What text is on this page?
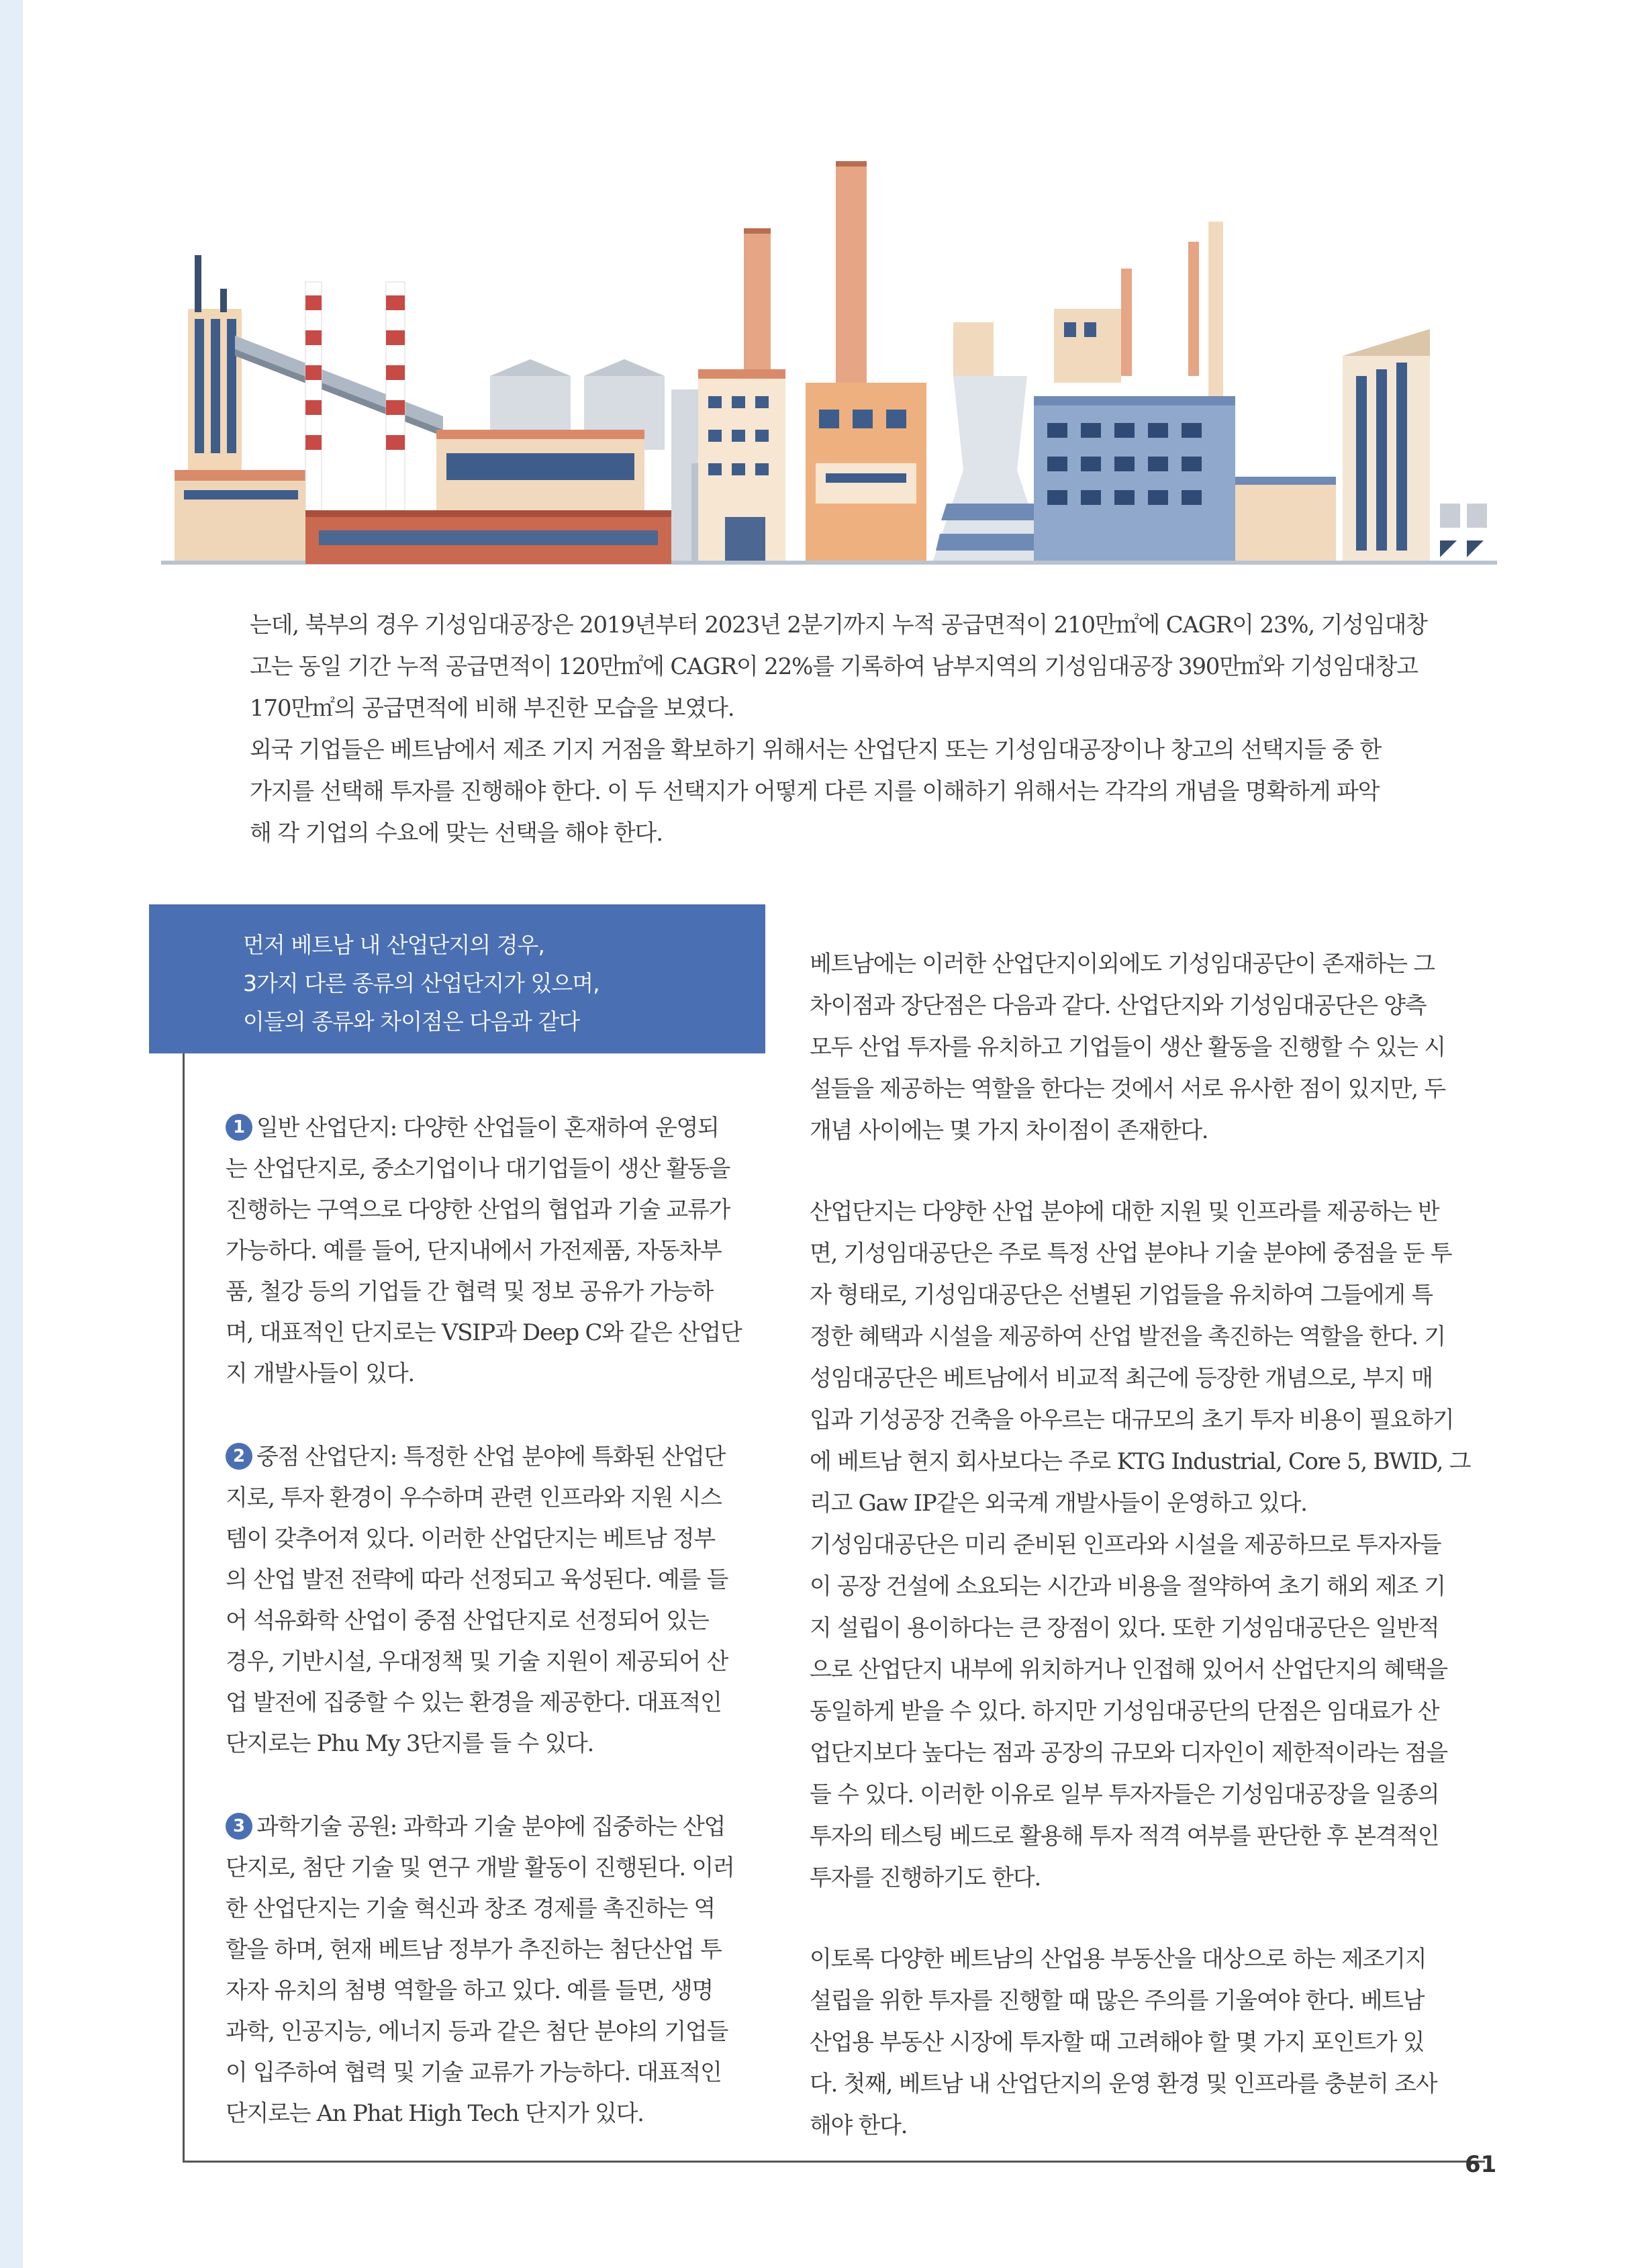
는데, 북부의 경우 기성임대공장은 2019년부터 2023년 2분기까지 누적 공급면적이 210만㎡에 CAGR이 23%, 기성임대창

고는 동일 기간 누적 공급면적이 120만㎡에 CAGR이 22%를 기록하여 남부지역의 기성임대공장 390만㎡와 기성임대창고

170만㎡의 공급면적에 비해 부진한 모습을 보였다.

외국 기업들은 베트남에서 제조 기지 거점을 확보하기 위해서는 산업단지 또는 기성임대공장이나 창고의 선택지들 중 한

가지를 선택해 투자를 진행해야 한다. 이 두 선택지가 어떻게 다른 지를 이해하기 위해서는 각각의 개념을 명확하게 파악

해 각 기업의 수요에 맞는 선택을 해야 한다.

먼저 베트남 내 산업단지의 경우,
3가지 다른 종류의 산업단지가 있으며,
이들의 종류와 차이점은 다음과 같다

1 일반 산업단지: 다양한 산업들이 혼재하여 운영되

는 산업단지로, 중소기업이나 대기업들이 생산 활동을

진행하는 구역으로 다양한 산업의 협업과 기술 교류가

가능하다. 예를 들어, 단지내에서 가전제품, 자동차부

품, 철강 등의 기업들 간 협력 및 정보 공유가 가능하

며, 대표적인 단지로는 VSIP과 Deep C와 같은 산업단

지 개발사들이 있다.

2 중점 산업단지: 특정한 산업 분야에 특화된 산업단

지로, 투자 환경이 우수하며 관련 인프라와 지원 시스

템이 갖추어져 있다. 이러한 산업단지는 베트남 정부

의 산업 발전 전략에 따라 선정되고 육성된다. 예를 들

어 석유화학 산업이 중점 산업단지로 선정되어 있는

경우, 기반시설, 우대정책 및 기술 지원이 제공되어 산

업 발전에 집중할 수 있는 환경을 제공한다. 대표적인

단지로는 Phu My 3단지를 들 수 있다.

3 과학기술 공원: 과학과 기술 분야에 집중하는 산업

단지로, 첨단 기술 및 연구 개발 활동이 진행된다. 이러

한 산업단지는 기술 혁신과 창조 경제를 촉진하는 역

할을 하며, 현재 베트남 정부가 추진하는 첨단산업 투

자자 유치의 첨병 역할을 하고 있다. 예를 들면, 생명

과학, 인공지능, 에너지 등과 같은 첨단 분야의 기업들

이 입주하여 협력 및 기술 교류가 가능하다. 대표적인

단지로는 An Phat High Tech 단지가 있다.

베트남에는 이러한 산업단지이외에도 기성임대공단이 존재하는 그

차이점과 장단점은 다음과 같다. 산업단지와 기성임대공단은 양측

모두 산업 투자를 유치하고 기업들이 생산 활동을 진행할 수 있는 시

설들을 제공하는 역할을 한다는 것에서 서로 유사한 점이 있지만, 두

개념 사이에는 몇 가지 차이점이 존재한다.

산업단지는 다양한 산업 분야에 대한 지원 및 인프라를 제공하는 반

면, 기성임대공단은 주로 특정 산업 분야나 기술 분야에 중점을 둔 투

자 형태로, 기성임대공단은 선별된 기업들을 유치하여 그들에게 특

정한 혜택과 시설을 제공하여 산업 발전을 촉진하는 역할을 한다. 기

성임대공단은 베트남에서 비교적 최근에 등장한 개념으로, 부지 매

입과 기성공장 건축을 아우르는 대규모의 초기 투자 비용이 필요하기

에 베트남 현지 회사보다는 주로 KTG Industrial, Core 5, BWID, 그

리고 Gaw IP같은 외국계 개발사들이 운영하고 있다.

기성임대공단은 미리 준비된 인프라와 시설을 제공하므로 투자자들

이 공장 건설에 소요되는 시간과 비용을 절약하여 초기 해외 제조 기

지 설립이 용이하다는 큰 장점이 있다. 또한 기성임대공단은 일반적

으로 산업단지 내부에 위치하거나 인접해 있어서 산업단지의 혜택을

동일하게 받을 수 있다. 하지만 기성임대공단의 단점은 임대료가 산

업단지보다 높다는 점과 공장의 규모와 디자인이 제한적이라는 점을

들 수 있다. 이러한 이유로 일부 투자자들은 기성임대공장을 일종의

투자의 테스팅 베드로 활용해 투자 적격 여부를 판단한 후 본격적인

투자를 진행하기도 한다.

이토록 다양한 베트남의 산업용 부동산을 대상으로 하는 제조기지

설립을 위한 투자를 진행할 때 많은 주의를 기울여야 한다. 베트남

산업용 부동산 시장에 투자할 때 고려해야 할 몇 가지 포인트가 있

다. 첫째, 베트남 내 산업단지의 운영 환경 및 인프라를 충분히 조사

해야 한다.

61
